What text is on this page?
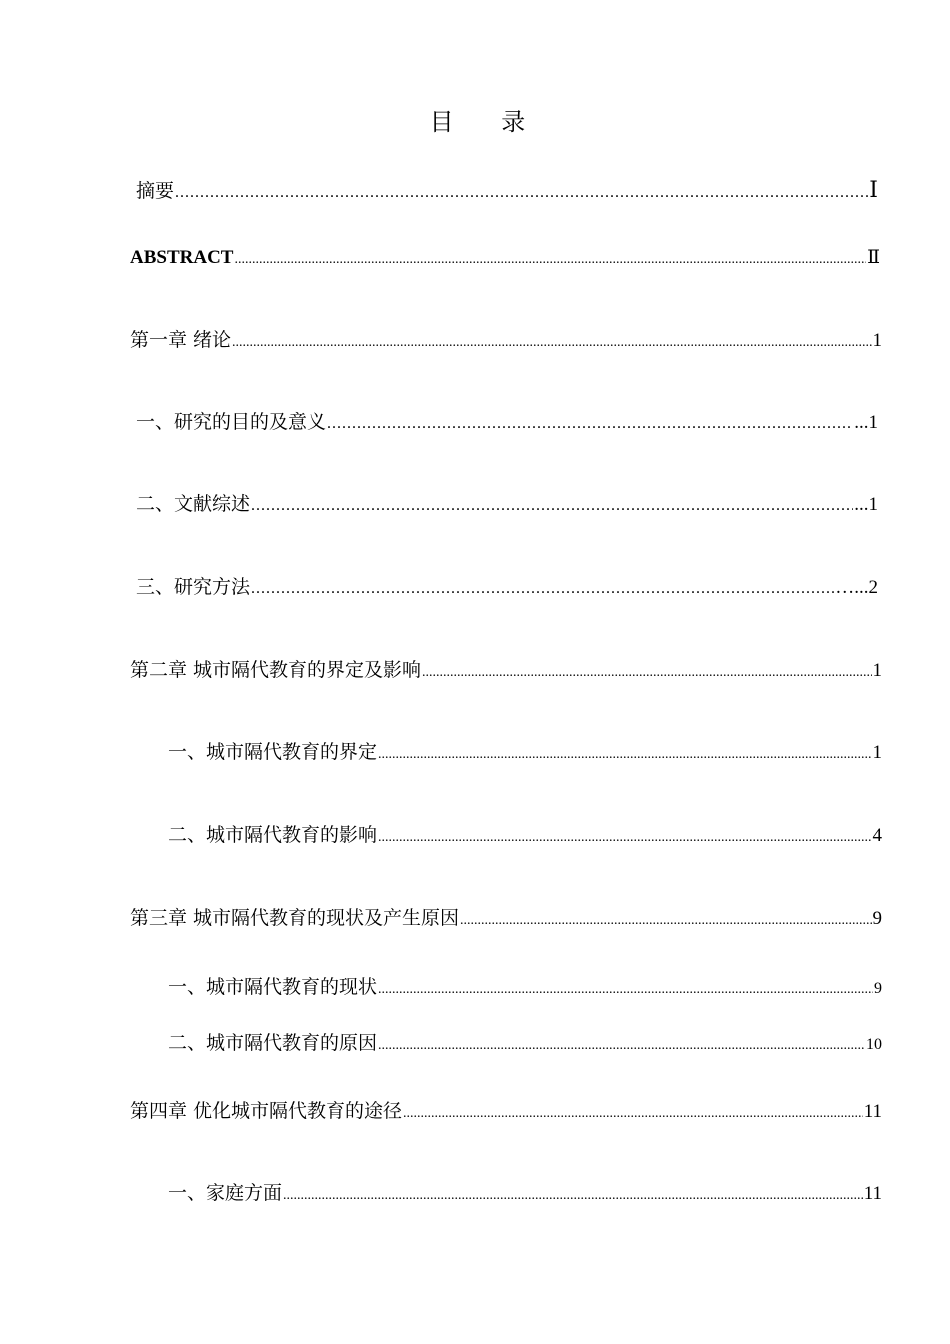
目 录
摘要 .....	Ⅰ
ABSTRACT .....	Ⅱ
第一章 绪论 .....	1
一、研究的目的及意义 .....	...1
二、文献综述 .....	...1
三、研究方法 .....	…...2
第二章 城市隔代教育的界定及影响 .....	1
一、城市隔代教育的界定 .....	1
二、城市隔代教育的影响 .....	4
第三章 城市隔代教育的现状及产生原因 .....	9
一、城市隔代教育的现状 .....	9
二、城市隔代教育的原因 .....	10
第四章 优化城市隔代教育的途径 .....	11
一、家庭方面 .....	11
